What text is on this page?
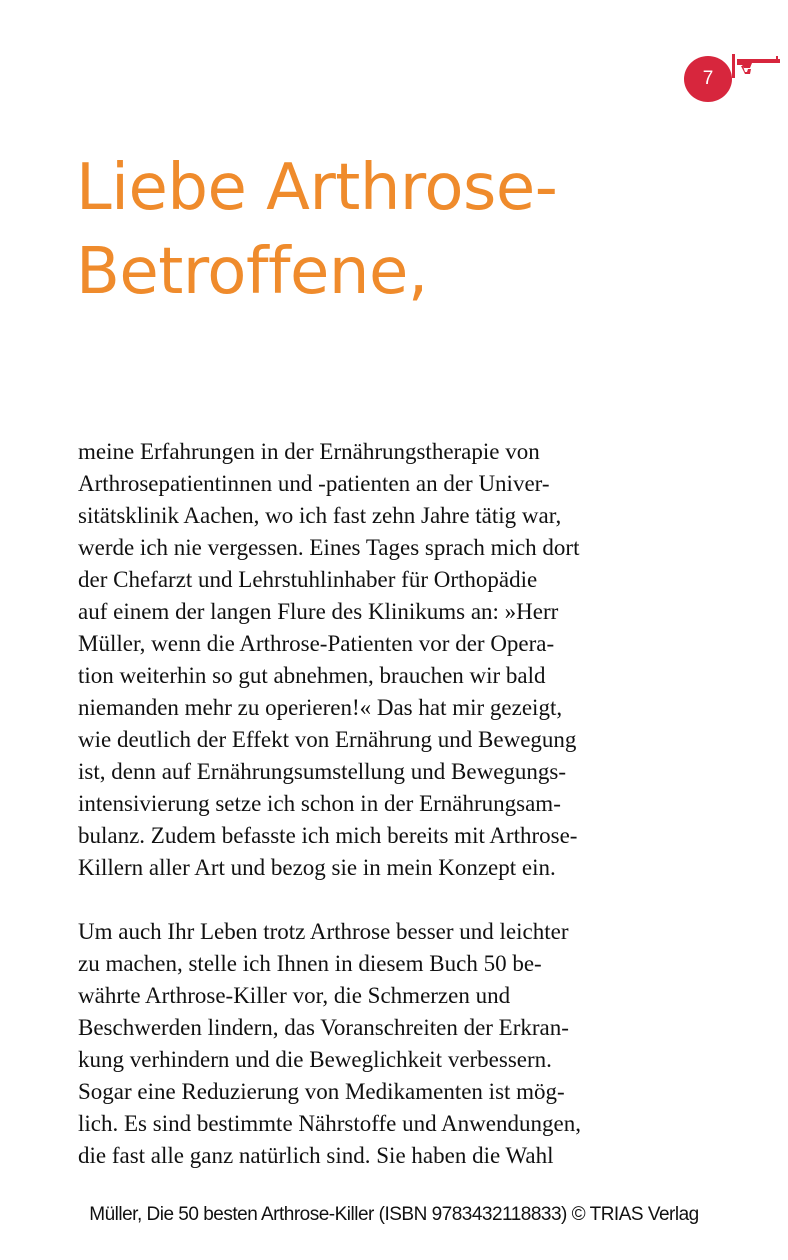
7
Liebe Arthrose-
Betroffene,

meine Erfahrungen in der Ernährungstherapie von
Arthrosepatientinnen und -patienten an der Univer-
sitätsklinik Aachen, wo ich fast zehn Jahre tätig war,
werde ich nie vergessen. Eines Tages sprach mich dort
der Chefarzt und Lehrstuhlinhaber für Orthopädie
auf einem der langen Flure des Klinikums an: »Herr
Müller, wenn die Arthrose-Patienten vor der Opera-
tion weiterhin so gut abnehmen, brauchen wir bald
niemanden mehr zu operieren!« Das hat mir gezeigt,
wie deutlich der Effekt von Ernährung und Bewegung
ist, denn auf Ernährungsumstellung und Bewegungs-
intensivierung setze ich schon in der Ernährungsam-
bulanz. Zudem befasste ich mich bereits mit Arthrose-
Killern aller Art und bezog sie in mein Konzept ein.

Um auch Ihr Leben trotz Arthrose besser und leichter
zu machen, stelle ich Ihnen in diesem Buch 50 be-
währte Arthrose-Killer vor, die Schmerzen und
Beschwerden lindern, das Voranschreiten der Erkran-
kung verhindern und die Beweglichkeit verbessern.
Sogar eine Reduzierung von Medikamenten ist mög-
lich. Es sind bestimmte Nährstoffe und Anwendungen,
die fast alle ganz natürlich sind. Sie haben die Wahl

Müller, Die 50 besten Arthrose-Killer (ISBN 9783432118833) © TRIAS Verlag
